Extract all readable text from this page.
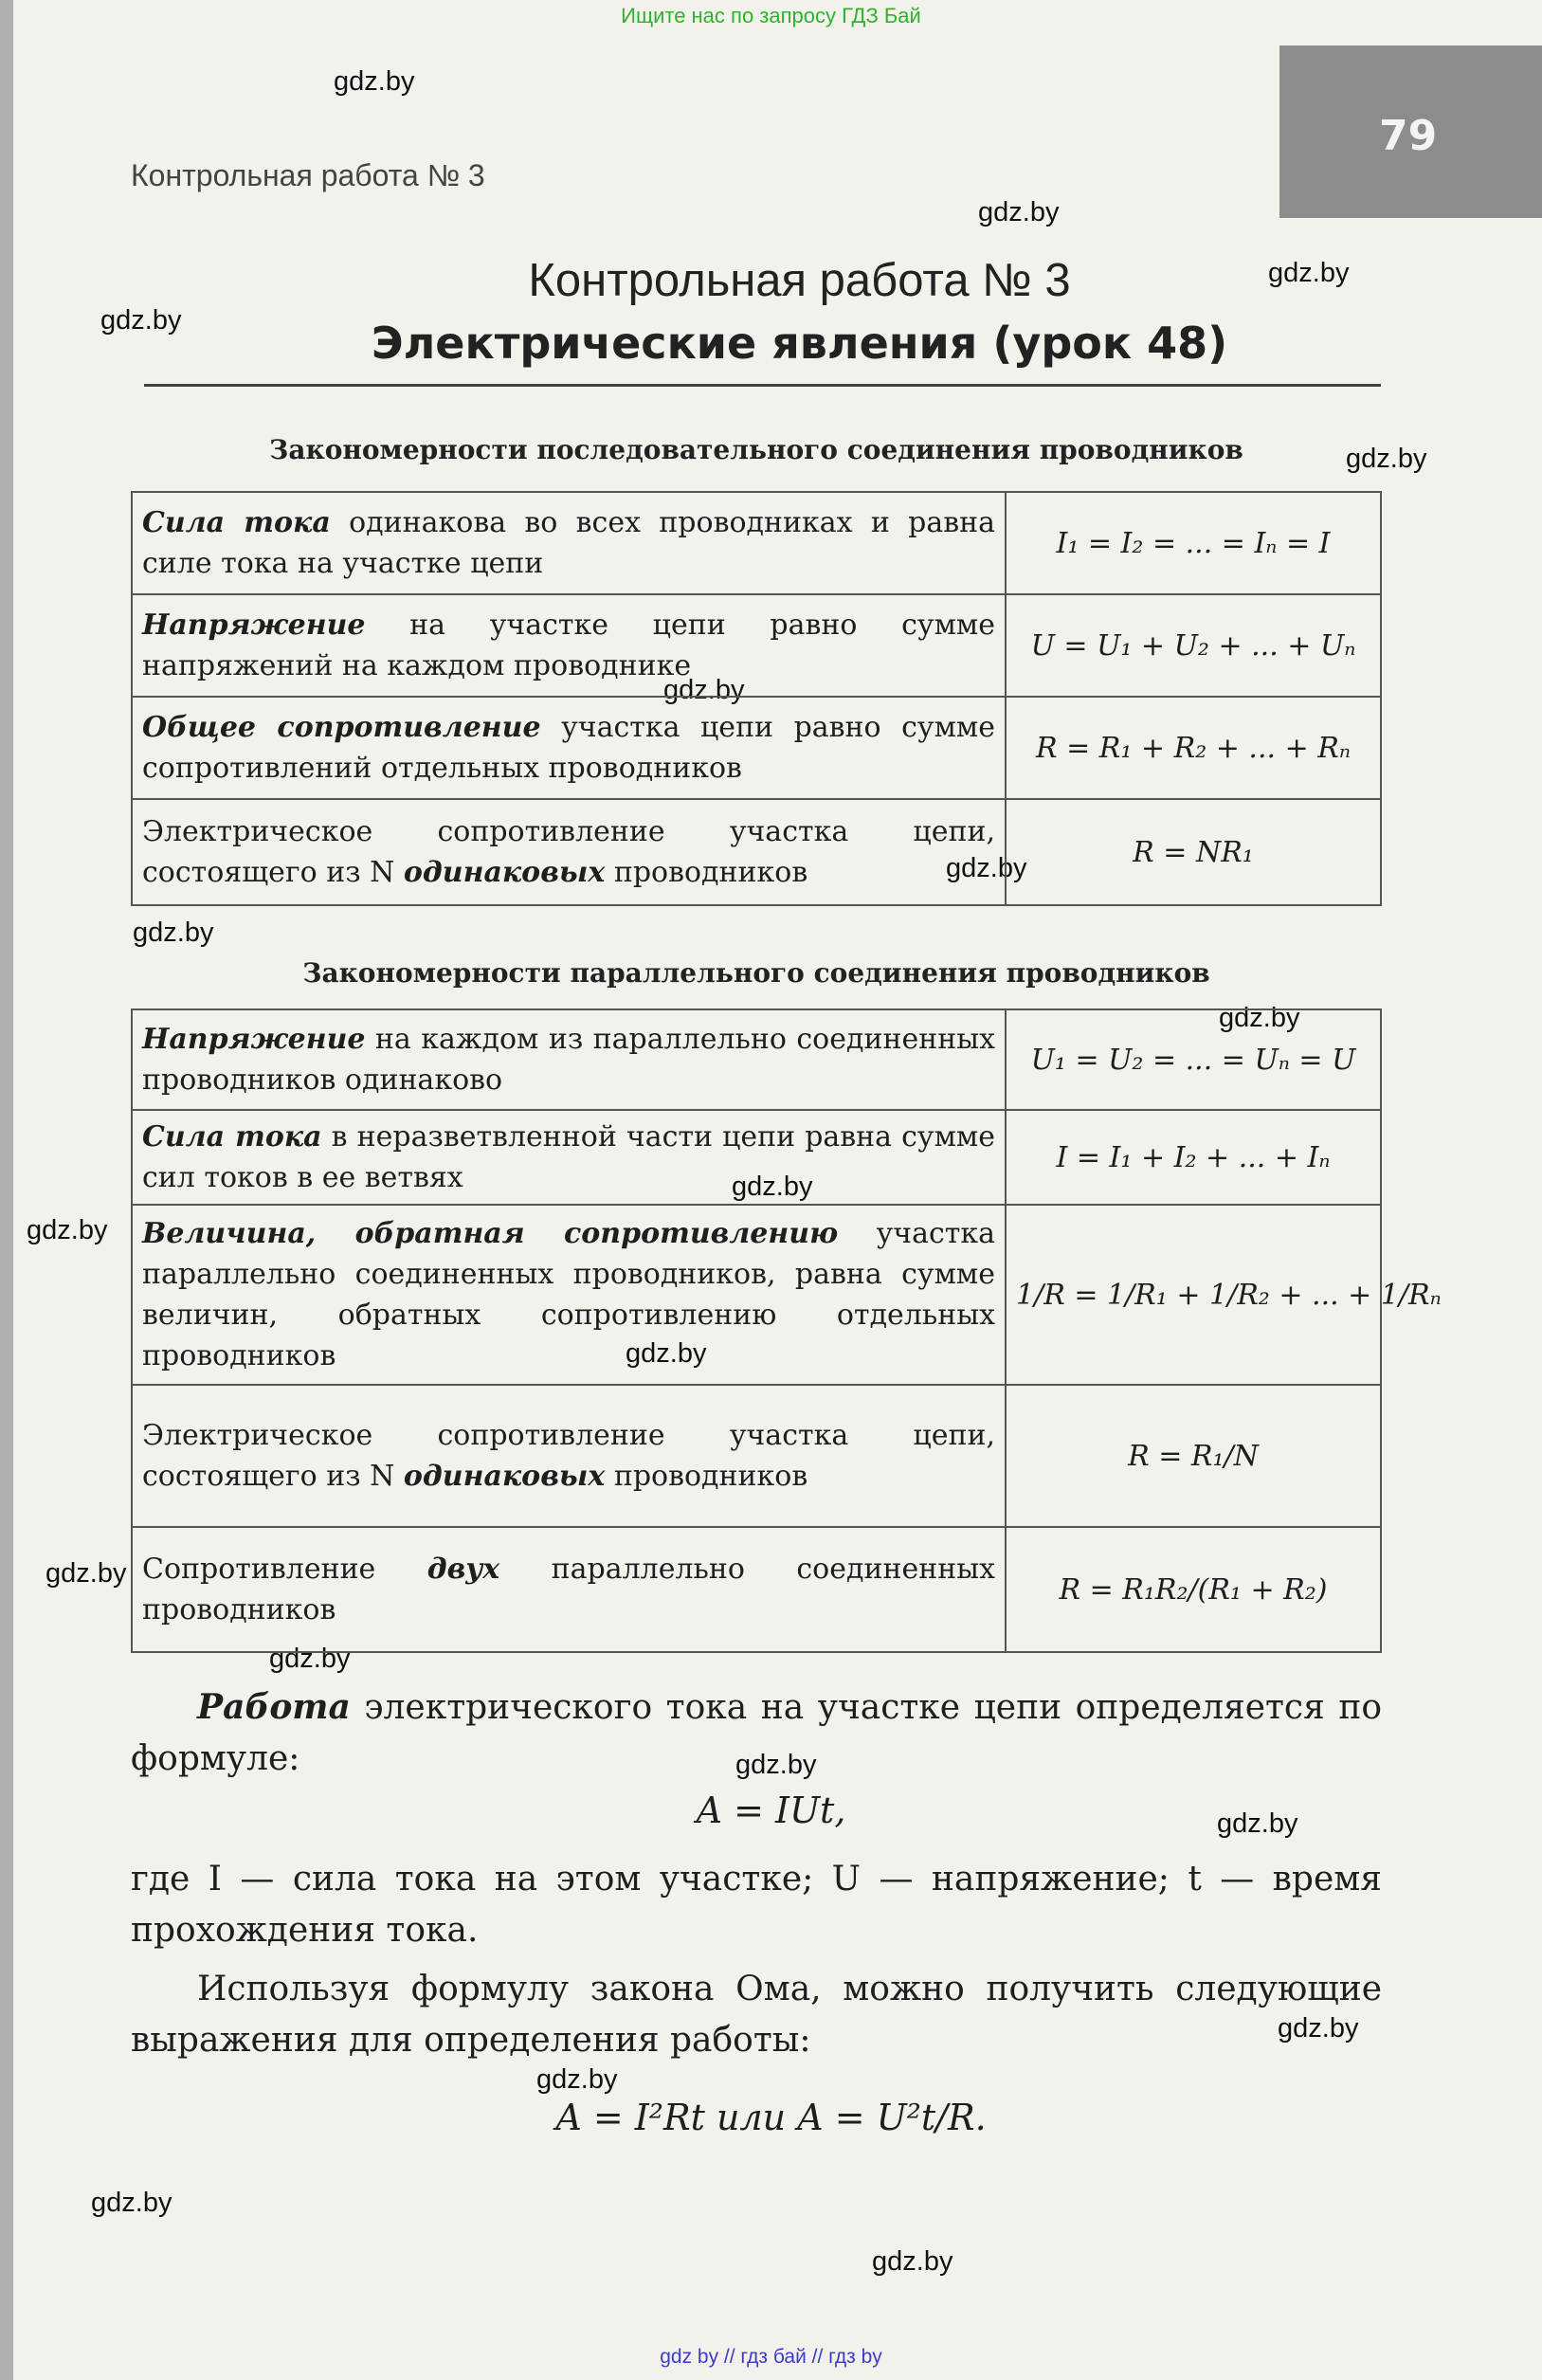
Ищите нас по запросу ГДЗ Бай
79
Контрольная работа № 3
gdz.by
gdz.by
gdz.by
gdz.by
gdz.by
gdz.by
gdz.by
gdz.by
gdz.by
gdz.by
gdz.by
gdz.by
gdz.by
gdz.by
gdz.by
gdz.by
gdz.by
gdz.by
gdz.by
gdz.by
Контрольная работа № 3
Электрические явления (урок 48)
Закономерности последовательного соединения проводников
Сила тока одинакова во всех проводниках и равна силе тока на участке цепи	I₁ = I₂ = ... = Iₙ = I
Напряжение на участке цепи равно сумме напряжений на каждом проводнике	U = U₁ + U₂ + ... + Uₙ
Общее сопротивление участка цепи равно сумме сопротивлений отдельных проводников	R = R₁ + R₂ + ... + Rₙ
Электрическое сопротивление участка цепи, состоящего из N одинаковых проводников	R = NR₁
Закономерности параллельного соединения проводников
Напряжение на каждом из параллельно соединенных проводников одинаково	U₁ = U₂ = ... = Uₙ = U
Сила тока в неразветвленной части цепи равна сумме сил токов в ее ветвях	I = I₁ + I₂ + ... + Iₙ
Величина, обратная сопротивлению участка параллельно соединенных проводников, равна сумме величин, обратных сопротивлению отдельных проводников	1/R = 1/R₁ + 1/R₂ + ... + 1/Rₙ
Электрическое сопротивление участка цепи, состоящего из N одинаковых проводников	R = R₁/N
Сопротивление двух параллельно соединенных проводников	R = R₁R₂/(R₁ + R₂)
Работа электрического тока на участке цепи определяется по формуле:
A = IUt,
где I — сила тока на этом участке; U — напряжение; t — время прохождения тока.
Используя формулу закона Ома, можно получить следующие выражения для определения работы:
A = I²Rt или A = U²t/R.
gdz by // гдз бай // гдз by
